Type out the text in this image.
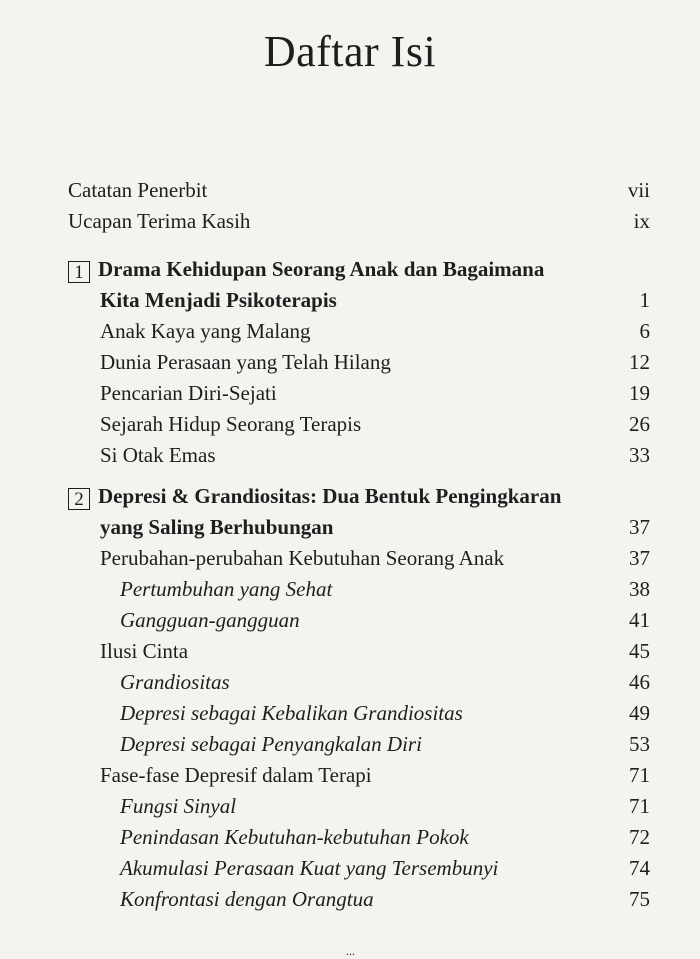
Daftar Isi
Catatan Penerbit	vii
Ucapan Terima Kasih	ix
1 Drama Kehidupan Seorang Anak dan Bagaimana
Kita Menjadi Psikoterapis	1
Anak Kaya yang Malang	6
Dunia Perasaan yang Telah Hilang	12
Pencarian Diri-Sejati	19
Sejarah Hidup Seorang Terapis	26
Si Otak Emas	33
2 Depresi & Grandiositas: Dua Bentuk Pengingkaran
yang Saling Berhubungan	37
Perubahan-perubahan Kebutuhan Seorang Anak	37
Pertumbuhan yang Sehat	38
Gangguan-gangguan	41
Ilusi Cinta	45
Grandiositas	46
Depresi sebagai Kebalikan Grandiositas	49
Depresi sebagai Penyangkalan Diri	53
Fase-fase Depresif dalam Terapi	71
Fungsi Sinyal	71
Penindasan Kebutuhan-kebutuhan Pokok	72
Akumulasi Perasaan Kuat yang Tersembunyi	74
Konfrontasi dengan Orangtua	75
...
